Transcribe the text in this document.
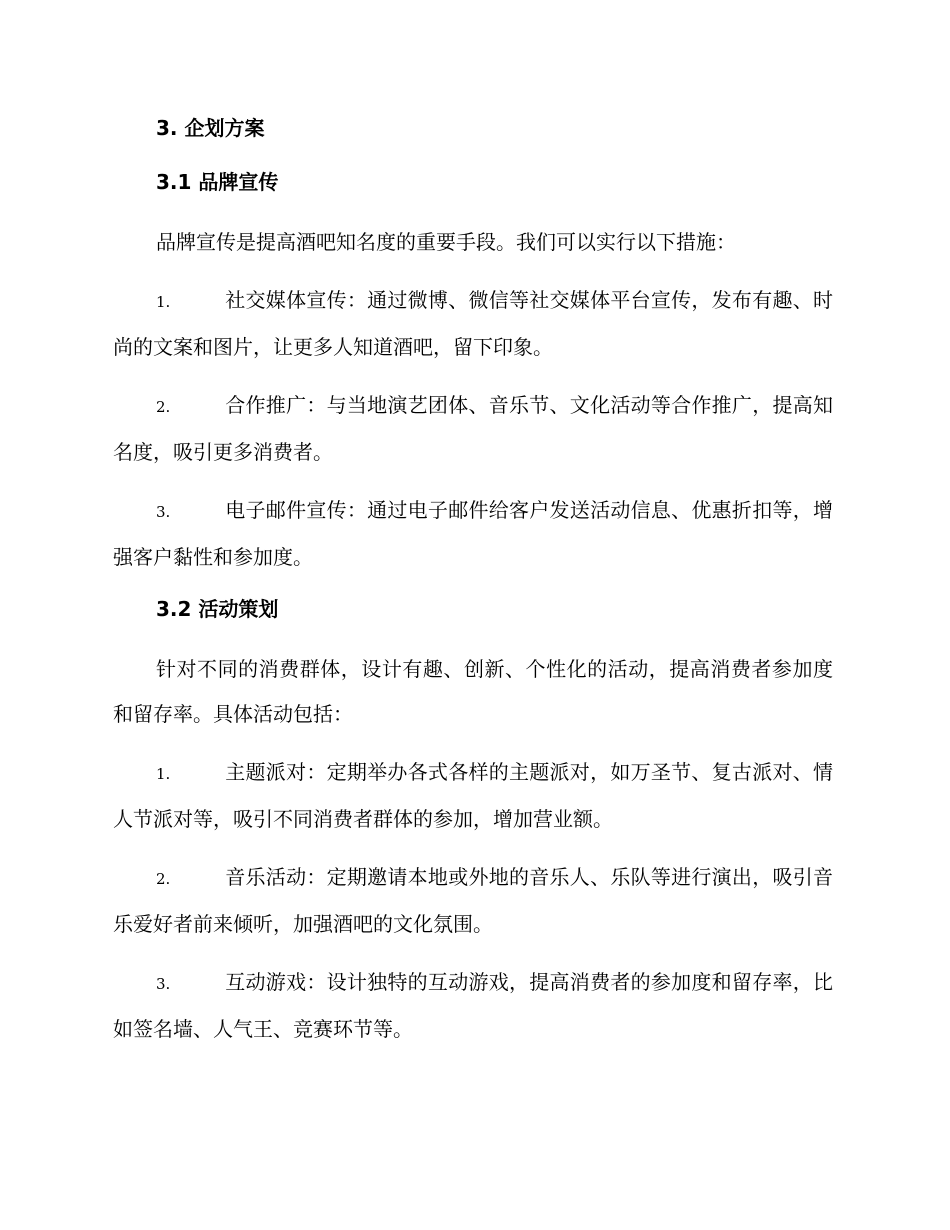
3. 企划方案
3.1 品牌宣传

品牌宣传是提高酒吧知名度的重要手段。我们可以实行以下措施：

1.	社交媒体宣传：通过微博、微信等社交媒体平台宣传，发布有趣、时尚的文案和图片，让更多人知道酒吧，留下印象。

2.	合作推广：与当地演艺团体、音乐节、文化活动等合作推广，提高知名度，吸引更多消费者。

3.	电子邮件宣传：通过电子邮件给客户发送活动信息、优惠折扣等，增强客户黏性和参加度。

3.2 活动策划

针对不同的消费群体，设计有趣、创新、个性化的活动，提高消费者参加度和留存率。具体活动包括：

1.	主题派对：定期举办各式各样的主题派对，如万圣节、复古派对、情人节派对等，吸引不同消费者群体的参加，增加营业额。

2.	音乐活动：定期邀请本地或外地的音乐人、乐队等进行演出，吸引音乐爱好者前来倾听，加强酒吧的文化氛围。

3.	互动游戏：设计独特的互动游戏，提高消费者的参加度和留存率，比如签名墙、人气王、竞赛环节等。
